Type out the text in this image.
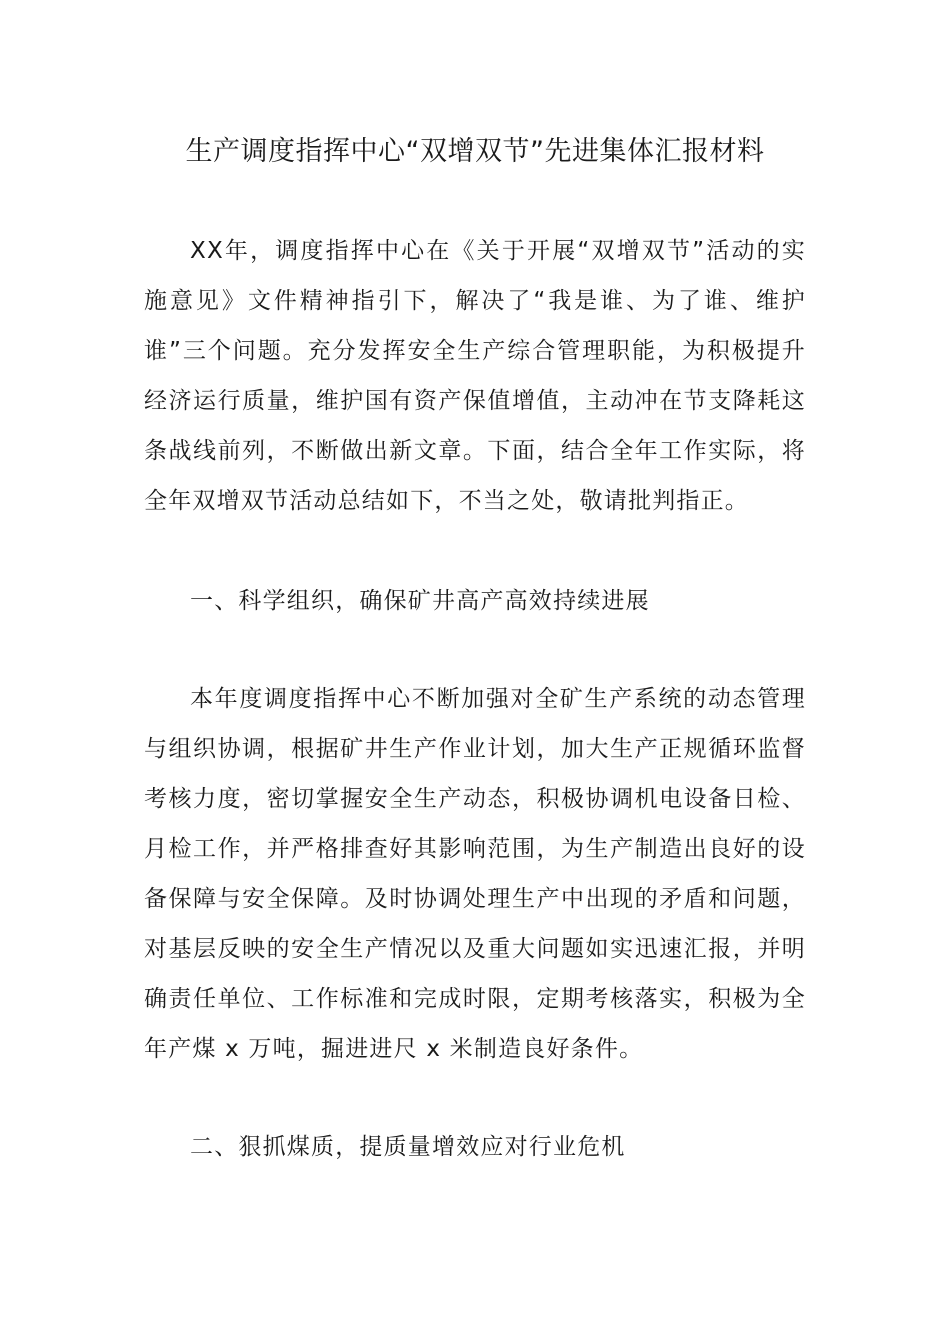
生产调度指挥中心“双增双节”先进集体汇报材料

XX年，调度指挥中心在《关于开展“双增双节”活动的实施意见》文件精神指引下，解决了“我是谁、为了谁、维护谁”三个问题。充分发挥安全生产综合管理职能，为积极提升经济运行质量，维护国有资产保值增值，主动冲在节支降耗这条战线前列，不断做出新文章。下面，结合全年工作实际，将全年双增双节活动总结如下，不当之处，敬请批判指正。

一、科学组织，确保矿井高产高效持续进展

本年度调度指挥中心不断加强对全矿生产系统的动态管理与组织协调，根据矿井生产作业计划，加大生产正规循环监督考核力度，密切掌握安全生产动态，积极协调机电设备日检、月检工作，并严格排查好其影响范围，为生产制造出良好的设备保障与安全保障。及时协调处理生产中出现的矛盾和问题，对基层反映的安全生产情况以及重大问题如实迅速汇报，并明确责任单位、工作标准和完成时限，定期考核落实，积极为全年产煤 x 万吨，掘进进尺 x 米制造良好条件。

二、狠抓煤质，提质量增效应对行业危机
